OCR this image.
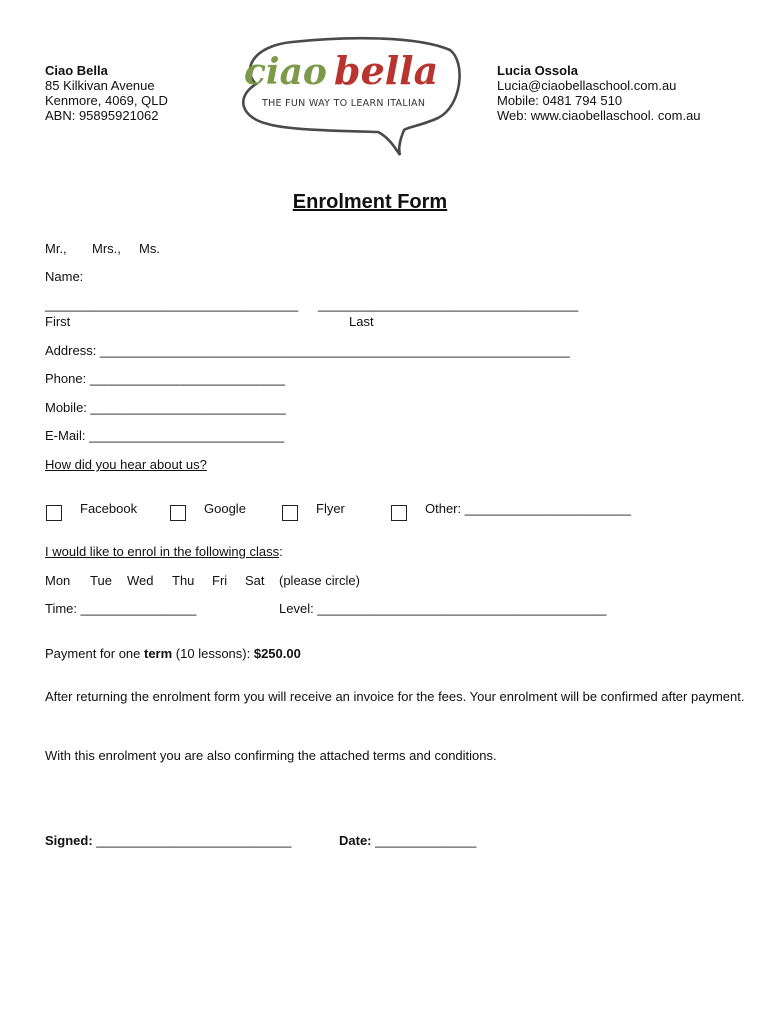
Ciao Bella
85 Kilkivan Avenue
Kenmore, 4069, QLD
ABN: 95895921062
ciao bella
THE FUN WAY TO LEARN ITALIAN
Lucia Ossola
Lucia@ciaobellaschool.com.au
Mobile: 0481 794 510
Web: www.ciaobellaschool. com.au
Enrolment Form
Mr., Mrs., Ms.
Name:
___________________________________ ____________________________________
First	Last
Address: _________________________________________________________________
Phone: ___________________________
Mobile: ___________________________
E-Mail: ___________________________
How did you hear about us?
Facebook	Google	Flyer	Other: _______________________
I would like to enrol in the following class:
Mon Tue Wed Thu Fri Sat (please circle)
Time: ________________	Level: ________________________________________
Payment for one term (10 lessons): $250.00

After returning the enrolment form you will receive an invoice for the fees. Your enrolment will be confirmed after payment.

With this enrolment you are also confirming the attached terms and conditions.

Signed: ___________________________	Date: ______________
